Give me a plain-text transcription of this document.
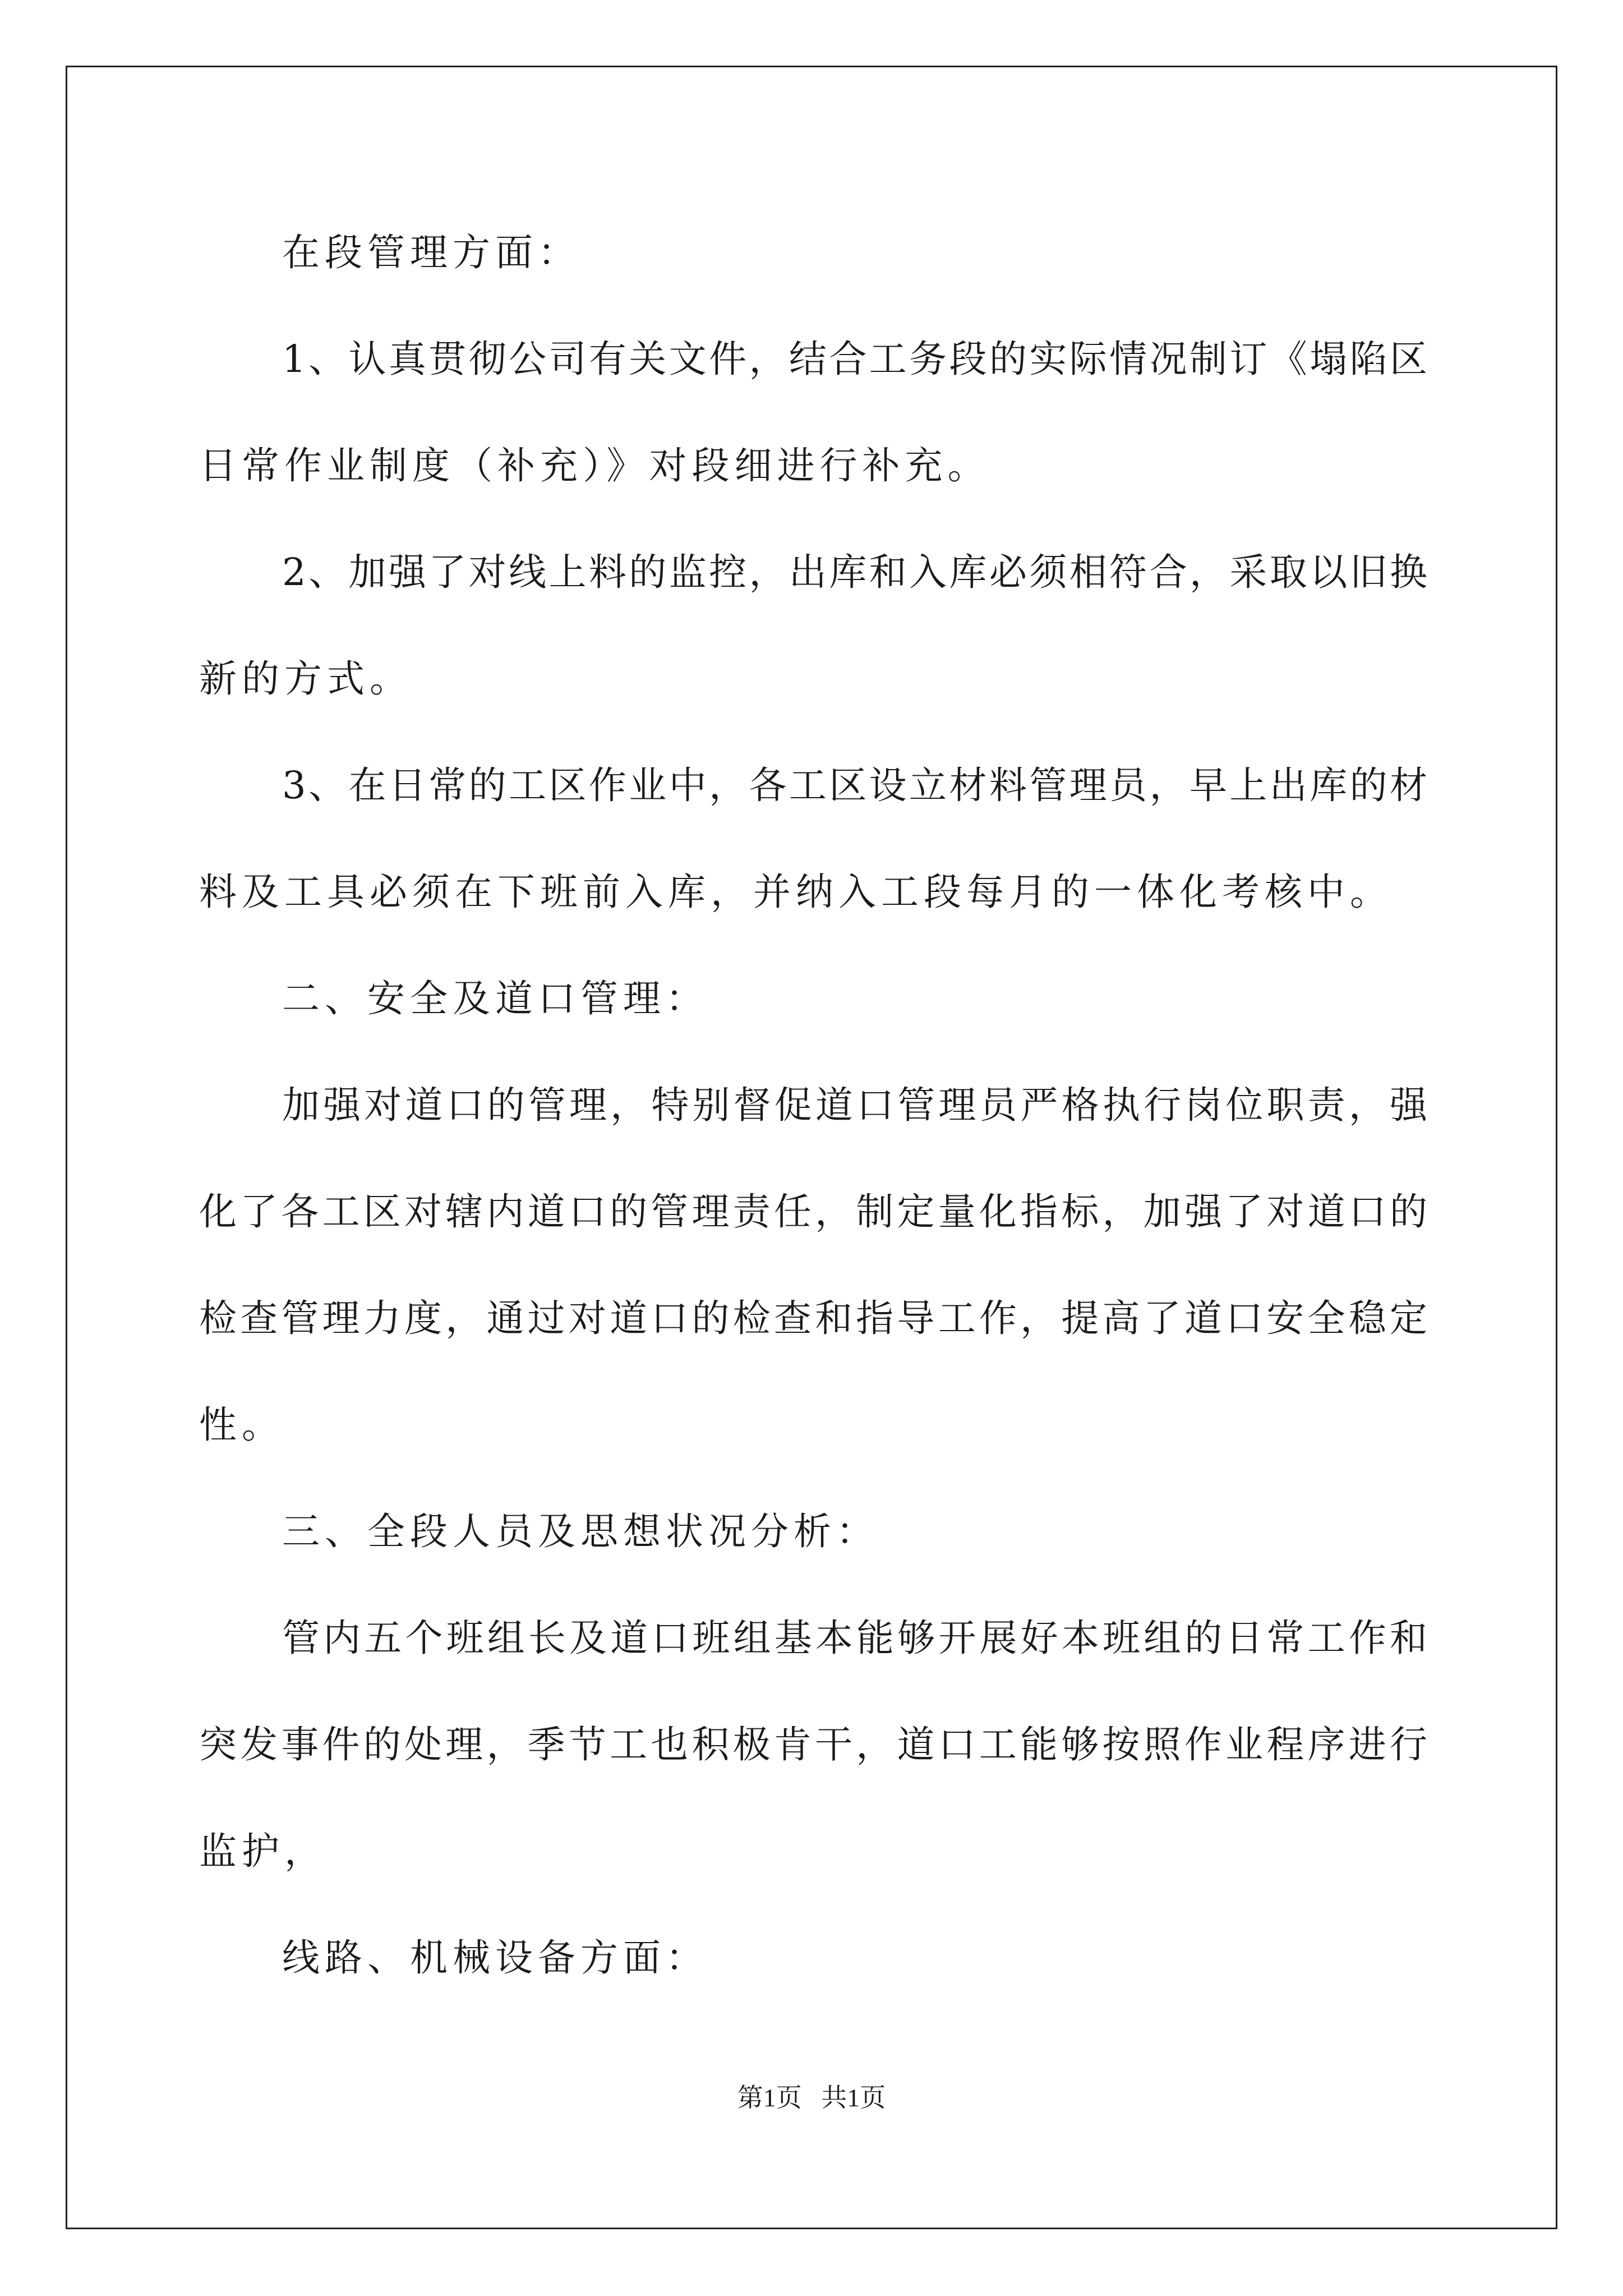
在段管理方面：
1、认真贯彻公司有关文件，结合工务段的实际情况制订《塌陷区
日常作业制度（补充）》对段细进行补充。
2、加强了对线上料的监控，出库和入库必须相符合，采取以旧换
新的方式。
3、在日常的工区作业中，各工区设立材料管理员，早上出库的材
料及工具必须在下班前入库，并纳入工段每月的一体化考核中。
二、安全及道口管理：
加强对道口的管理，特别督促道口管理员严格执行岗位职责，强
化了各工区对辖内道口的管理责任，制定量化指标，加强了对道口的
检查管理力度，通过对道口的检查和指导工作，提高了道口安全稳定
性。
三、全段人员及思想状况分析：
管内五个班组长及道口班组基本能够开展好本班组的日常工作和
突发事件的处理，季节工也积极肯干，道口工能够按照作业程序进行
监护，
线路、机械设备方面：
第1页 共1页
